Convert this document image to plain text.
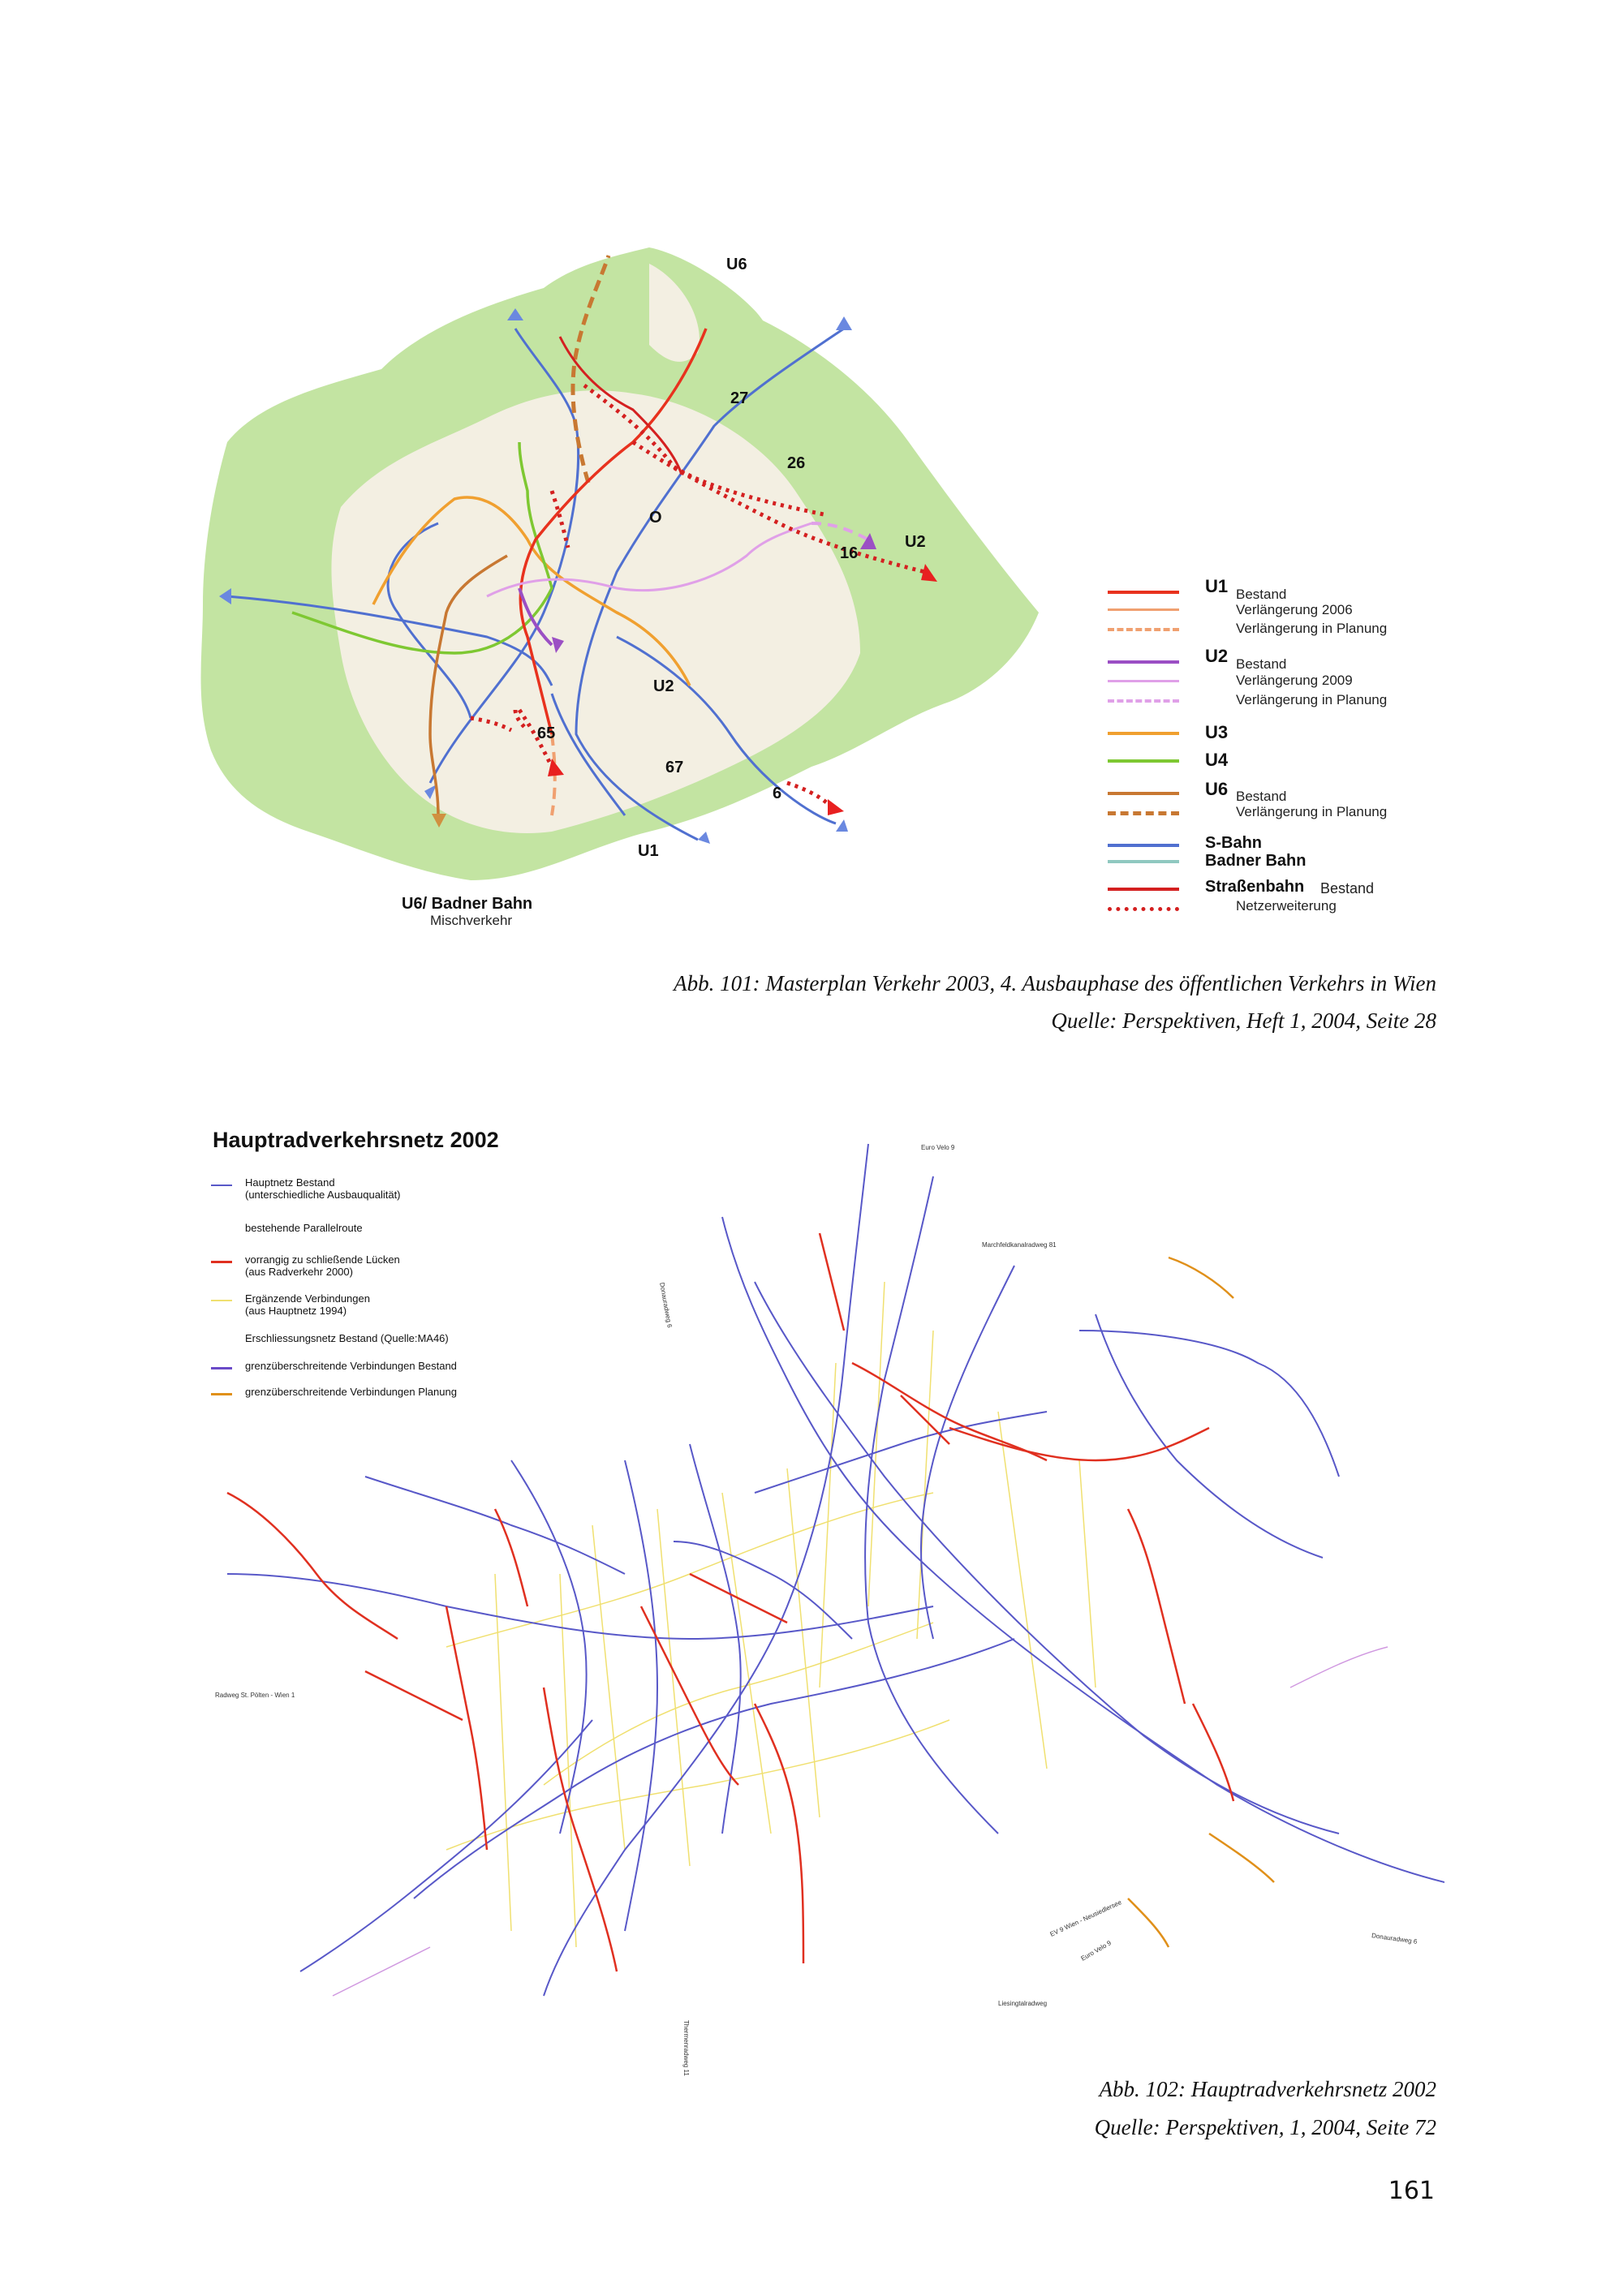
U6
27
26
O
U2
16
U2
65
67
6
U1
U6/ Badner Bahn
Mischverkehr
U1 Bestand
Verlängerung 2006
Verlängerung in Planung
U2 Bestand
Verlängerung 2009
Verlängerung in Planung
U3
U4
U6 Bestand
Verlängerung in Planung
S-Bahn
Badner Bahn
Straßenbahn Bestand
Netzerweiterung
Abb. 101: Masterplan Verkehr 2003, 4. Ausbauphase des öffentlichen Verkehrs in Wien
Quelle: Perspektiven, Heft 1, 2004, Seite 28
Hauptradverkehrsnetz 2002
Hauptnetz Bestand
(unterschiedliche Ausbauqualität)
bestehende Parallelroute
vorrangig zu schließende Lücken
(aus Radverkehr 2000)
Ergänzende Verbindungen
(aus Hauptnetz 1994)
Erschliessungsnetz Bestand (Quelle:MA46)
grenzüberschreitende Verbindungen Bestand
grenzüberschreitende Verbindungen Planung
Euro Velo 9
Marchfeldkanalradweg 81
Donauradweg 6
Radweg St. Pölten - Wien 1
Donauradweg 6
Euro Velo 9
Liesingtalradweg
Thermenradweg 11
EV 9 Wien - Neusiedlersee
Abb. 102: Hauptradverkehrsnetz 2002
Quelle: Perspektiven, 1, 2004, Seite 72
161
